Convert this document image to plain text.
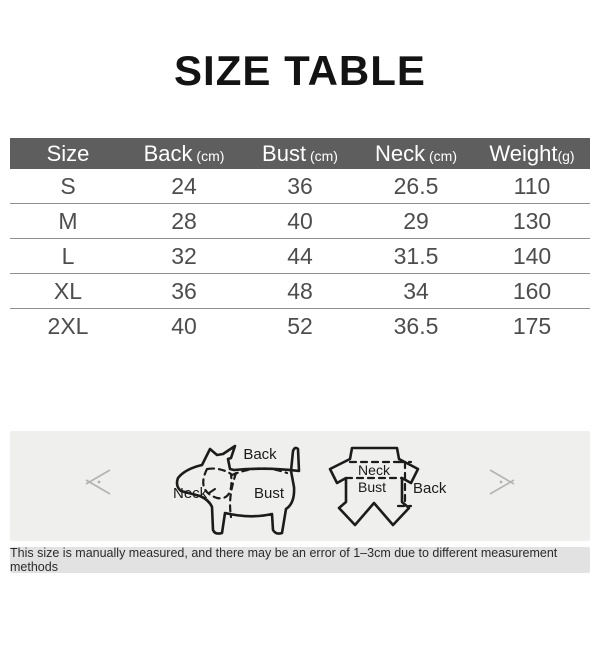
SIZE TABLE
Size	Back (cm)	Bust (cm)	Neck (cm)	Weight(g)
S	24	36	26.5	110
M	28	40	29	130
L	32	44	31.5	140
XL	36	48	34	160
2XL	40	52	36.5	175
Back
Neck	Bust
Neck
Bust Back
This size is manually measured, and there may be an error of 1–3cm due to different measurement methods
